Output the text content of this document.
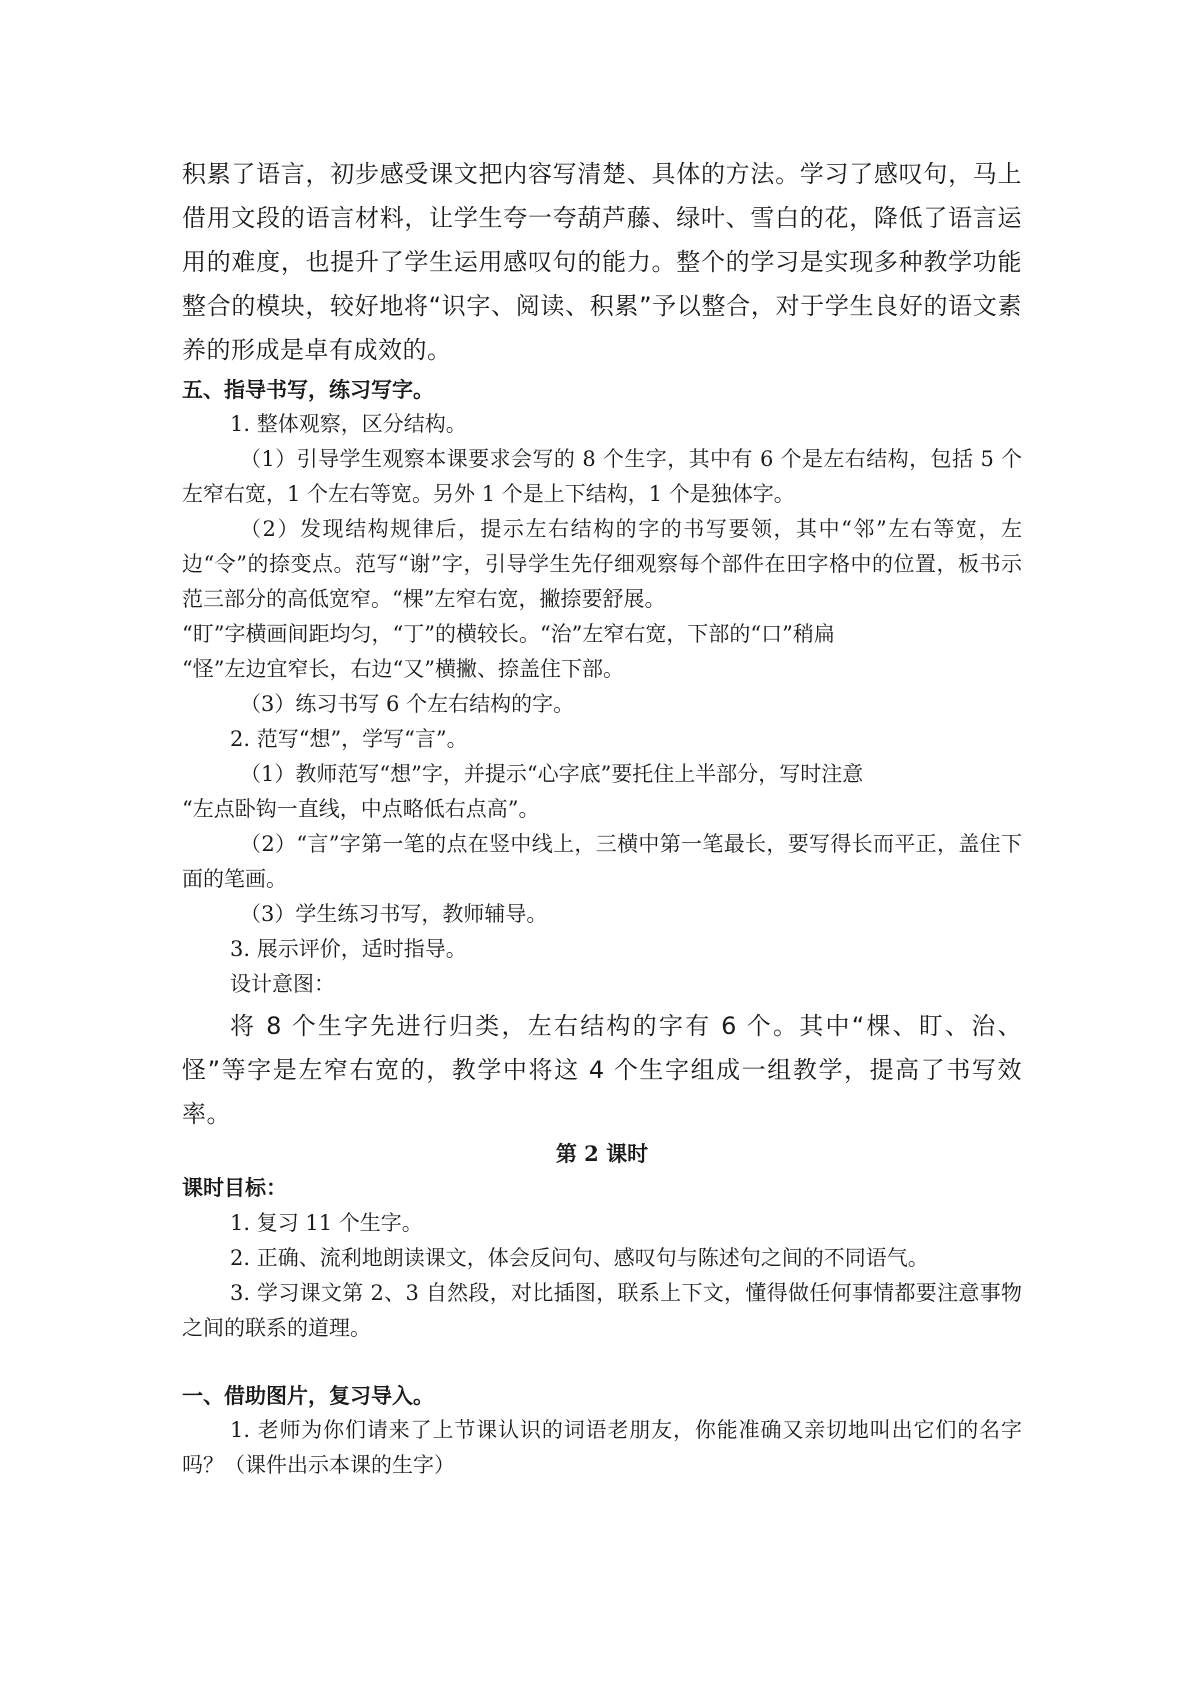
积累了语言，初步感受课文把内容写清楚、具体的方法。学习了感叹句，马上借用文段的语言材料，让学生夸一夸葫芦藤、绿叶、雪白的花，降低了语言运用的难度，也提升了学生运用感叹句的能力。整个的学习是实现多种教学功能整合的模块，较好地将“识字、阅读、积累”予以整合，对于学生良好的语文素养的形成是卓有成效的。

五、指导书写，练习写字。

1. 整体观察，区分结构。

（1）引导学生观察本课要求会写的 8 个生字，其中有 6 个是左右结构，包括 5 个左窄右宽，1 个左右等宽。另外 1 个是上下结构，1 个是独体字。

（2）发现结构规律后，提示左右结构的字的书写要领，其中“邻”左右等宽，左边“令”的捺变点。范写“谢”字，引导学生先仔细观察每个部件在田字格中的位置，板书示范三部分的高低宽窄。“棵”左窄右宽，撇捺要舒展。

“盯”字横画间距均匀，“丁”的横较长。“治”左窄右宽，下部的“口”稍扁

“怪”左边宜窄长，右边“又”横撇、捺盖住下部。

（3）练习书写 6 个左右结构的字。

2. 范写“想”，学写“言”。

（1）教师范写“想”字，并提示“心字底”要托住上半部分，写时注意

“左点卧钩一直线，中点略低右点高”。

（2）“言”字第一笔的点在竖中线上，三横中第一笔最长，要写得长而平正，盖住下面的笔画。

（3）学生练习书写，教师辅导。

3. 展示评价，适时指导。

设计意图：

将 8 个生字先进行归类，左右结构的字有 6 个。其中“棵、盯、治、怪”等字是左窄右宽的，教学中将这 4 个生字组成一组教学，提高了书写效率。

第 2 课时

课时目标：

1. 复习 11 个生字。

2. 正确、流利地朗读课文，体会反问句、感叹句与陈述句之间的不同语气。

3. 学习课文第 2、3 自然段，对比插图，联系上下文，懂得做任何事情都要注意事物之间的联系的道理。

一、借助图片，复习导入。

1. 老师为你们请来了上节课认识的词语老朋友，你能准确又亲切地叫出它们的名字吗？（课件出示本课的生字）
